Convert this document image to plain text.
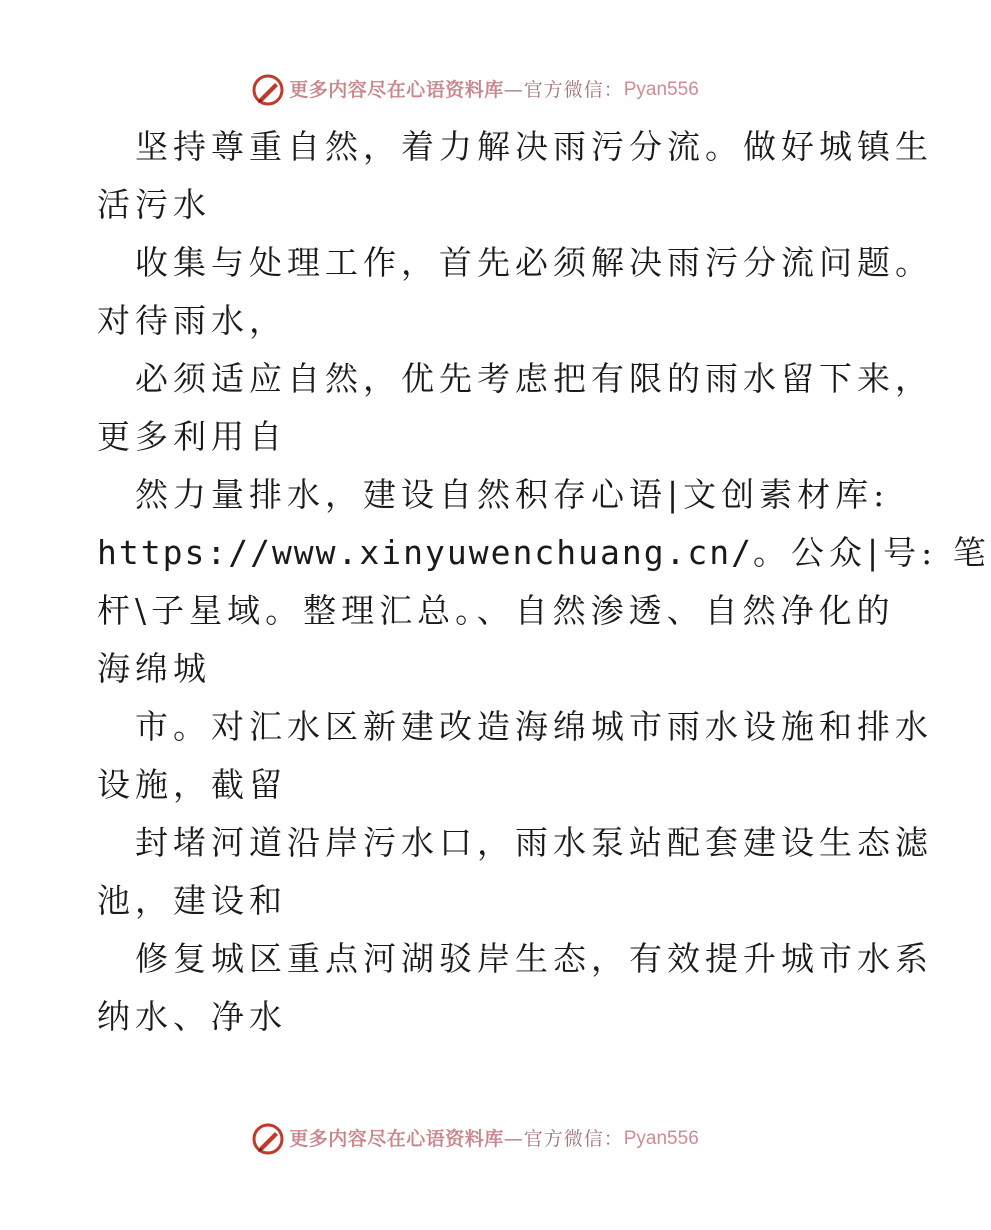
更多内容尽在心语资料库 —官方微信： Pyan556
坚持尊重自然，着力解决雨污分流。做好城镇生
活污水
收集与处理工作，首先必须解决雨污分流问题。
对待雨水，
必须适应自然，优先考虑把有限的雨水留下来，
更多利用自
然力量排水，建设自然积存心语|文创素材库:
https://www.xinyuwenchuang.cn/。公众|号: 笔
杆\子星域。整理汇总。、自然渗透、自然净化的
海绵城
市。对汇水区新建改造海绵城市雨水设施和排水
设施，截留
封堵河道沿岸污水口，雨水泵站配套建设生态滤
池，建设和
修复城区重点河湖驳岸生态，有效提升城市水系
纳水、净水
更多内容尽在心语资料库 —官方微信： Pyan556
